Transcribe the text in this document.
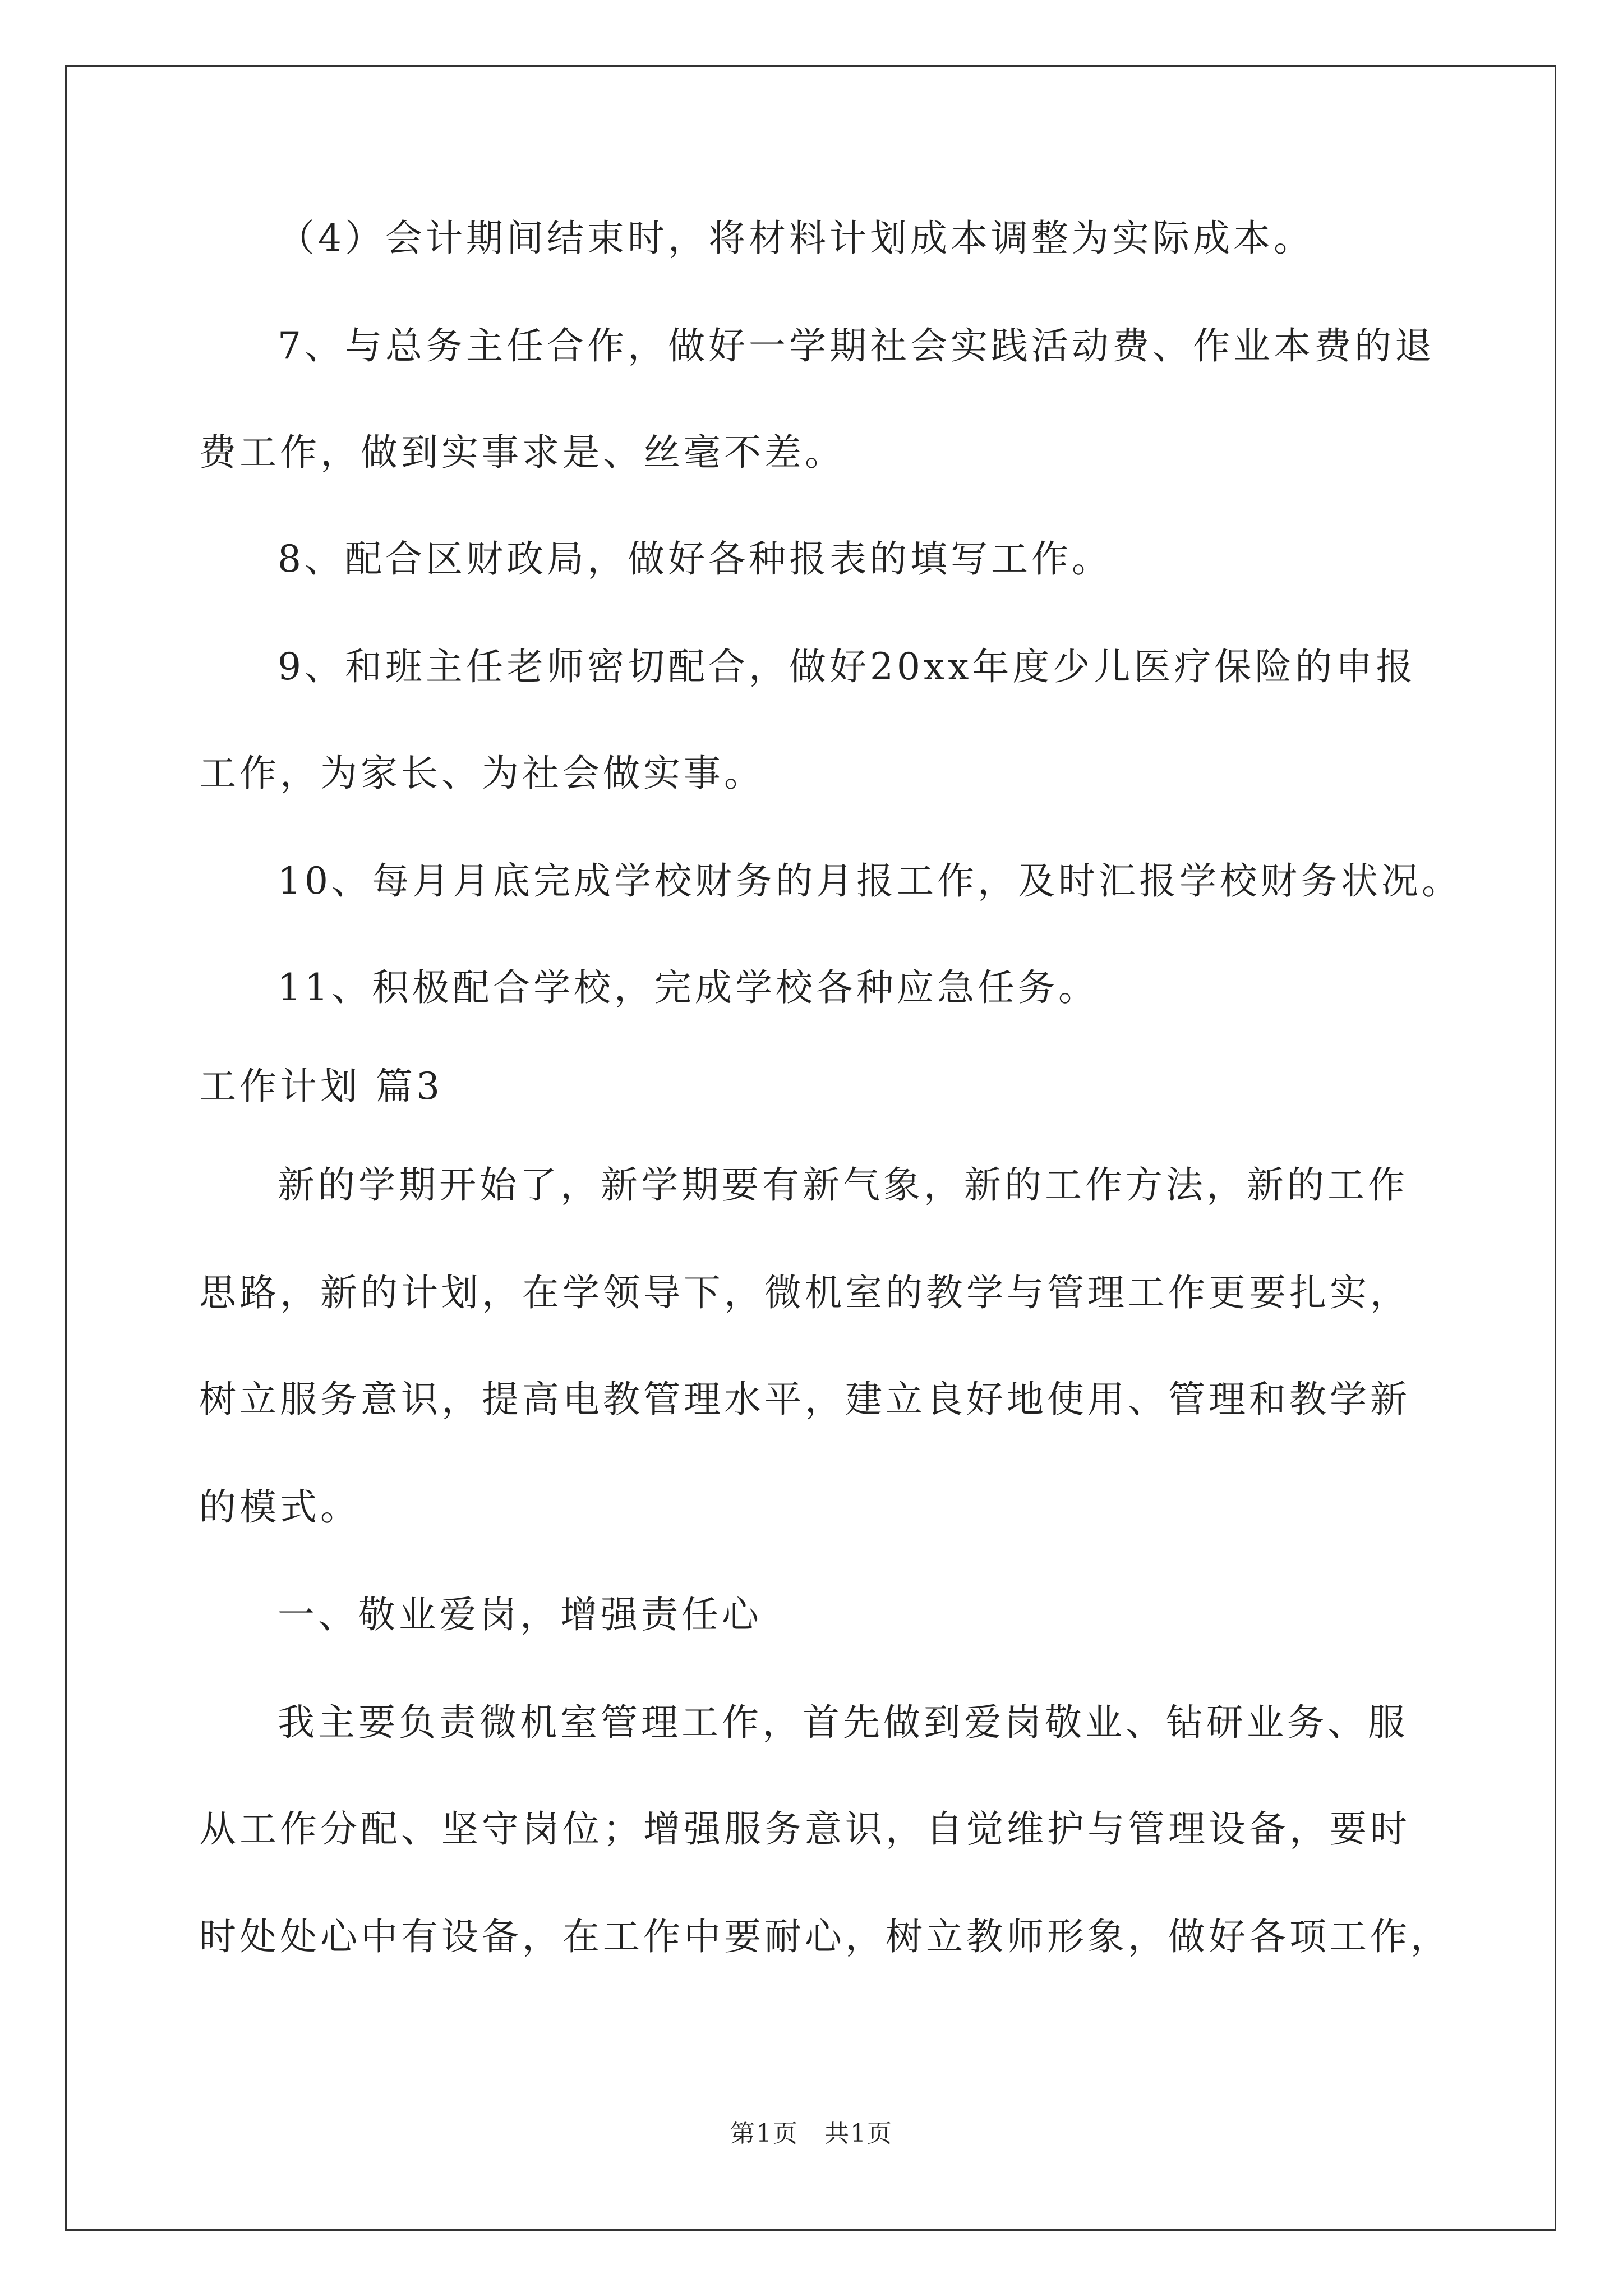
（4）会计期间结束时，将材料计划成本调整为实际成本。
7、与总务主任合作，做好一学期社会实践活动费、作业本费的退
费工作，做到实事求是、丝毫不差。
8、配合区财政局，做好各种报表的填写工作。
9、和班主任老师密切配合，做好20xx年度少儿医疗保险的申报
工作，为家长、为社会做实事。
10、每月月底完成学校财务的月报工作，及时汇报学校财务状况。
11、积极配合学校，完成学校各种应急任务。
工作计划 篇3
新的学期开始了，新学期要有新气象，新的工作方法，新的工作
思路，新的计划，在学领导下，微机室的教学与管理工作更要扎实，
树立服务意识，提高电教管理水平，建立良好地使用、管理和教学新
的模式。
一、敬业爱岗，增强责任心
我主要负责微机室管理工作，首先做到爱岗敬业、钻研业务、服
从工作分配、坚守岗位；增强服务意识，自觉维护与管理设备，要时
时处处心中有设备，在工作中要耐心，树立教师形象，做好各项工作，
第1页　共1页
